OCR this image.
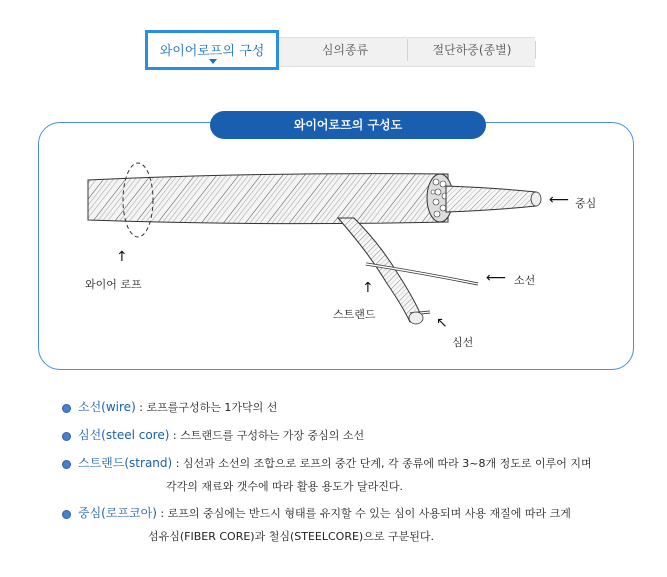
와이어로프의 구성	심의종류	절단하중(종별)
와이어로프의 구성도
↑
와이어 로프
⟵ 중심
⟵ 소선
↑
스트랜드
↖
심선
소선(wire) : 로프를구성하는 1가닥의 선
심선(steel core) : 스트랜드를 구성하는 가장 중심의 소선
스트랜드(strand) : 심선과 소선의 조합으로 로프의 중간 단계, 각 종류에 따라 3~8개 정도로 이루어 지며
각각의 재료와 갯수에 따라 활용 용도가 달라진다.
중심(로프코아) : 로프의 중심에는 반드시 형태를 유지할 수 있는 심이 사용되며 사용 재질에 따라 크게
섬유심(FIBER CORE)과 철심(STEELCORE)으로 구분된다.
